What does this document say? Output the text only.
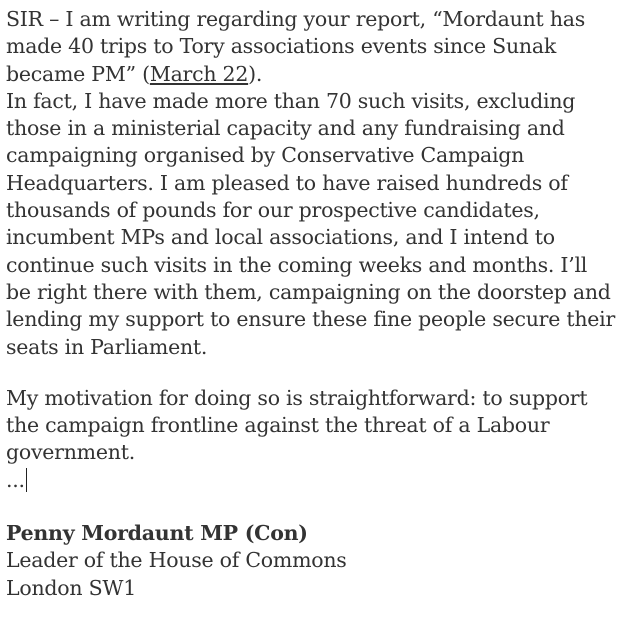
SIR – I am writing regarding your report, “Mordaunt has made 40 trips to Tory associations events since Sunak became PM” (March 22).

In fact, I have made more than 70 such visits, excluding those in a ministerial capacity and any fundraising and campaigning organised by Conservative Campaign Headquarters. I am pleased to have raised hundreds of thousands of pounds for our prospective candidates, incumbent MPs and local associations, and I intend to continue such visits in the coming weeks and months. I’ll be right there with them, campaigning on the doorstep and lending my support to ensure these fine people secure their seats in Parliament.

My motivation for doing so is straightforward: to support the campaign frontline against the threat of a Labour government.

...

Penny Mordaunt MP (Con)

Leader of the House of Commons

London SW1
